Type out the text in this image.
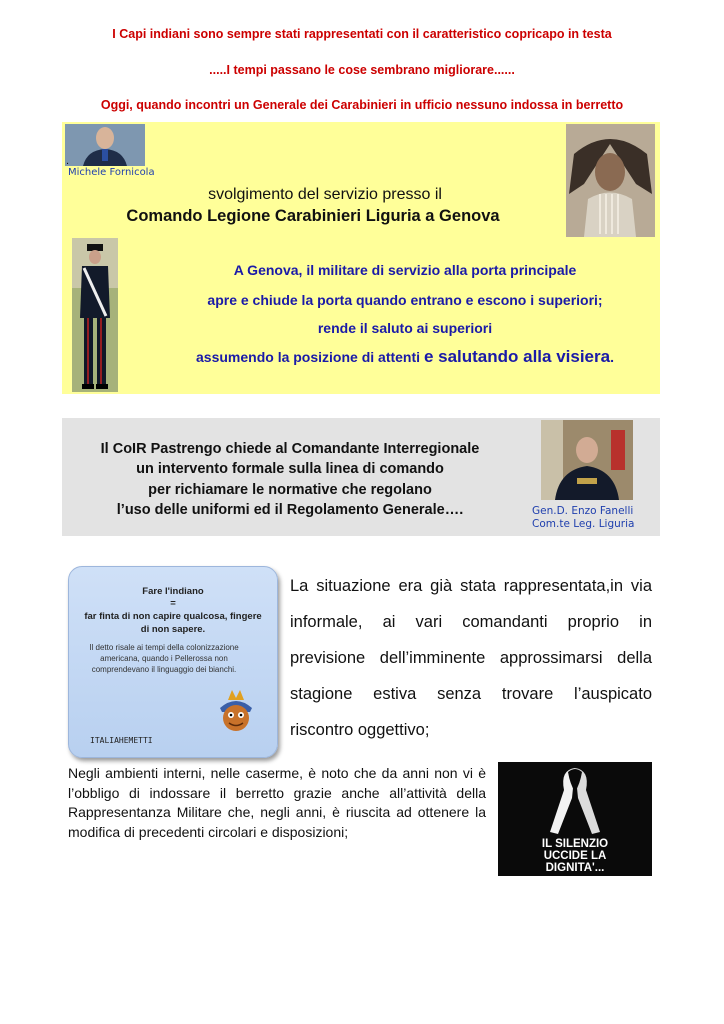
I Capi indiani sono sempre stati rappresentati con il caratteristico copricapo in testa
.....I tempi passano le cose sembrano migliorare......
Oggi, quando incontri un Generale dei Carabinieri in ufficio nessuno indossa in berretto
.
Michele Fornicola
svolgimento del servizio presso il
Comando Legione Carabinieri Liguria a Genova
A Genova, il militare di servizio alla porta principale
apre e chiude la porta quando entrano e escono i superiori;
rende il saluto ai superiori
assumendo la posizione di attenti e salutando alla visiera.
Il CoIR Pastrengo chiede al Comandante Interregionale
un intervento formale sulla linea di comando
per richiamare le normative che regolano
l’uso delle uniformi ed il Regolamento Generale….	Gen.D. Enzo Fanelli
Com.te Leg. Liguria
Fare l'indiano
=
far finta di non capire qualcosa, fingere di non sapere.
Il detto risale ai tempi della colonizzazione americana, quando i Pellerossa non comprendevano il linguaggio dei bianchi.
ITALIAHEMETTI
La situazione era già stata rappresentata,in via informale, ai vari comandanti proprio in previsione dell’imminente approssimarsi della stagione estiva senza trovare l’auspicato riscontro oggettivo;
Negli ambienti interni, nelle caserme, è noto che da anni non vi è l’obbligo di indossare il berretto grazie anche all’attività della Rappresentanza Militare che, negli anni, è riuscita ad ottenere la modifica di precedenti circolari e disposizioni;
IL SILENZIO
UCCIDE LA
DIGNITA'...
